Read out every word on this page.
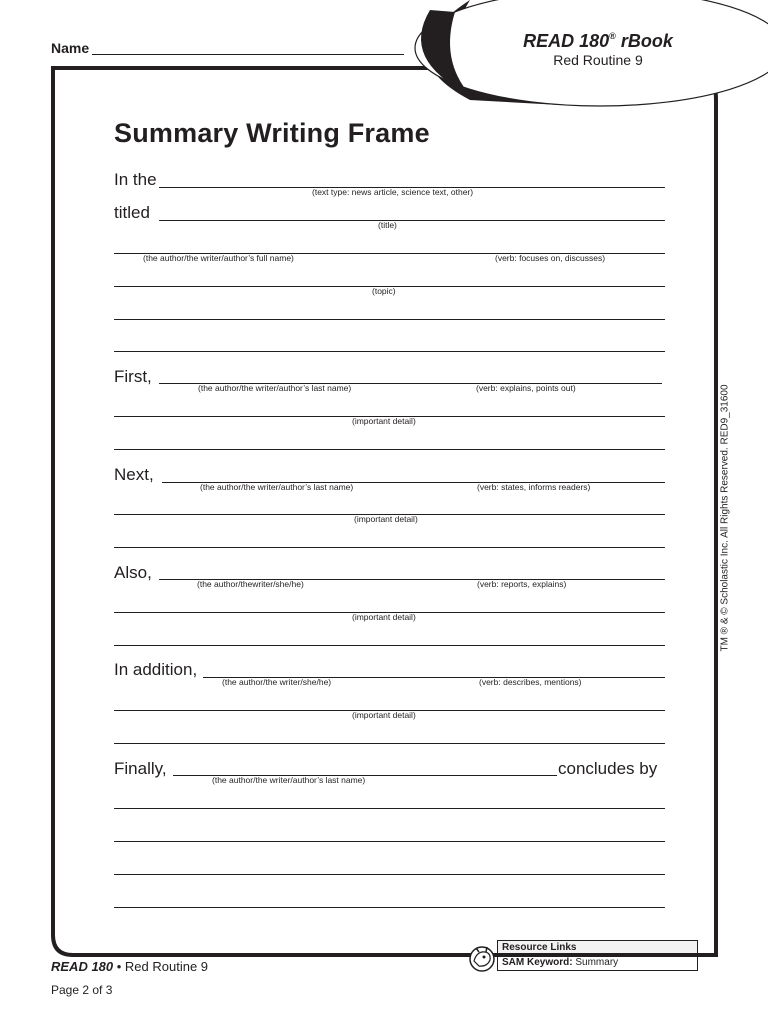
Name	READ 180® rBook
Red Routine 9
Summary Writing Frame
In the
(text type: news article, science text, other)
titled
(title)
(the author/the writer/author’s full name)	(verb: focuses on, discusses)
(topic)
First,
(the author/the writer/author’s last name)	(verb: explains, points out)
(important detail)
Next,
(the author/the writer/author’s last name)	(verb: states, informs readers)
(important detail)
Also,
(the author/thewriter/she/he)	(verb: reports, explains)
(important detail)
In addition,
(the author/the writer/she/he)	(verb: describes, mentions)
(important detail)
Finally,
(the author/the writer/author’s last name)
concludes by
TM ® & © Scholastic Inc. All Rights Reserved. RED9_31600
READ 180 • Red Routine 9
Page 2 of 3
Resource Links
SAM Keyword: Summary
